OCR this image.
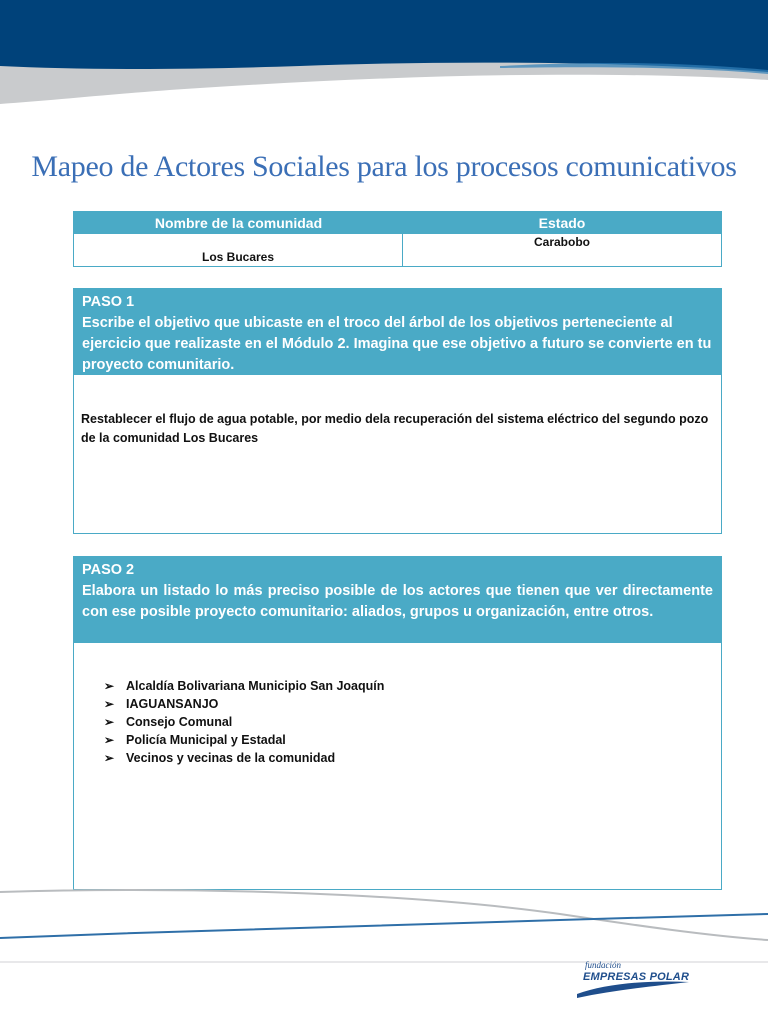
Mapeo de Actores Sociales para los procesos comunicativos
Nombre de la comunidad	Estado
Los Bucares
Carabobo
PASO 1
Escribe el objetivo que ubicaste en el troco del árbol de los objetivos perteneciente al ejercicio que realizaste en el Módulo 2. Imagina que ese objetivo a futuro se convierte en tu proyecto comunitario.
Restablecer el flujo de agua potable, por medio dela recuperación del sistema eléctrico del segundo pozo de la comunidad Los Bucares
PASO 2
Elabora un listado lo más preciso posible de los actores que tienen que ver directamente con ese posible proyecto comunitario: aliados, grupos u organización, entre otros.
➢ Alcaldía Bolivariana Municipio San Joaquín
➢ IAGUANSANJO
➢ Consejo Comunal
➢ Policía Municipal y Estadal
➢ Vecinos y vecinas de la comunidad
fundación
EMPRESAS POLAR
